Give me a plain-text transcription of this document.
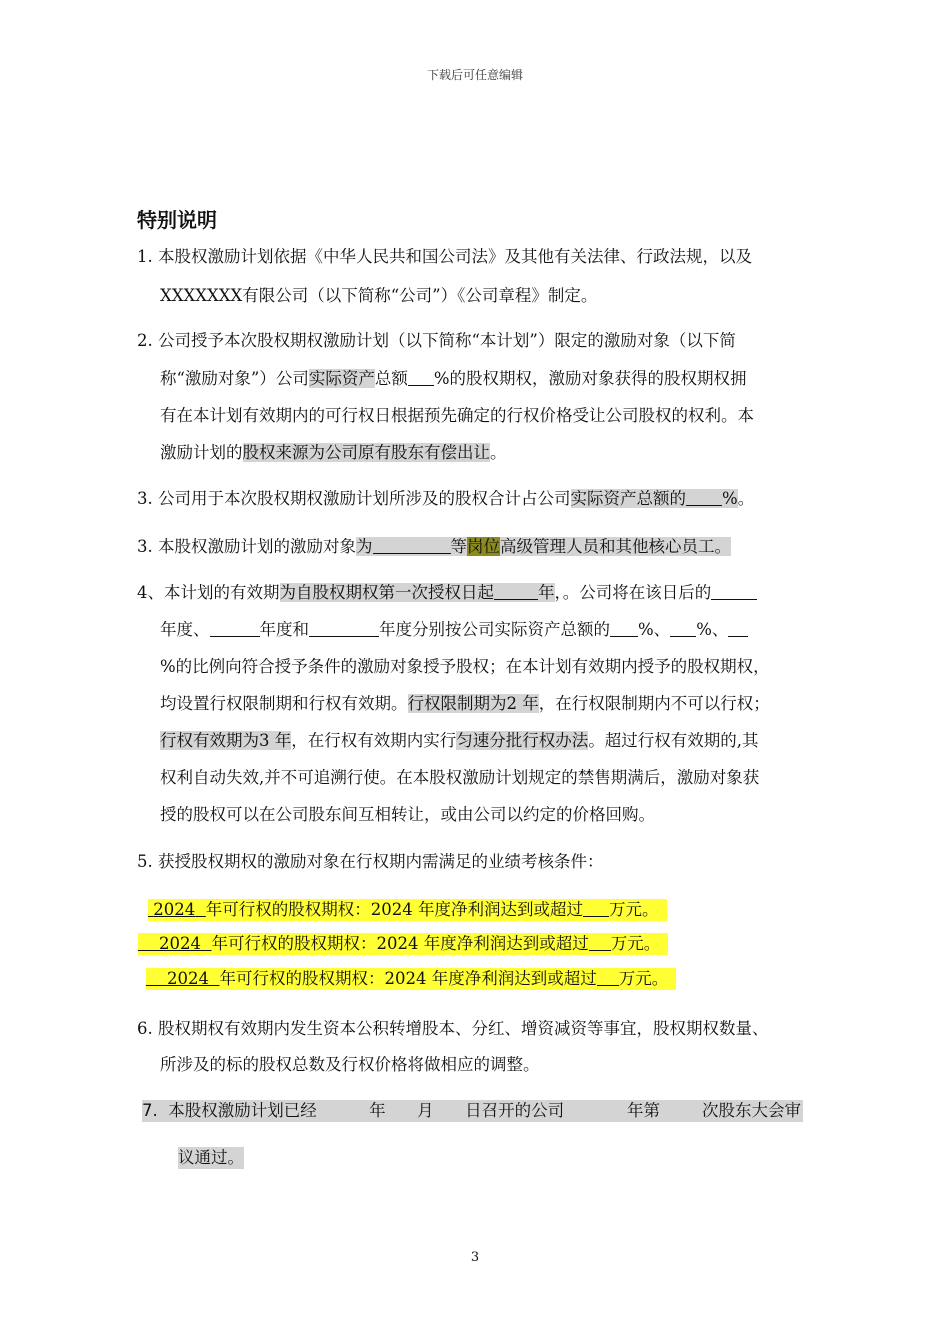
下载后可任意编辑
特别说明
1. 本股权激励计划依据《中华人民共和国公司法》及其他有关法律、行政法规，以及
XXXXXXX有限公司（以下简称“公司”）《公司章程》制定。
2. 公司授予本次股权期权激励计划（以下简称“本计划”）限定的激励对象（以下简
称“激励对象”）公司实际资产总额 %的股权期权，激励对象获得的股权期权拥
有在本计划有效期内的可行权日根据预先确定的行权价格受让公司股权的权利。本
激励计划的股权来源为公司原有股东有偿出让。
3. 公司用于本次股权期权激励计划所涉及的股权合计占公司实际资产总额的 %。
3. 本股权激励计划的激励对象为	等岗位高级管理人员和其他核心员工。
4、本计划的有效期为自股权期权第一次授权日起	年，。公司将在该日后的
年度、	年度和	年度分别按公司实际资产总额的 %、 %、
%的比例向符合授予条件的激励对象授予股权；在本计划有效期内授予的股权期权，
均设置行权限制期和行权有效期。行权限制期为2 年，在行权限制期内不可以行权；
行权有效期为3 年，在行权有效期内实行匀速分批行权办法。超过行权有效期的,其
权利自动失效,并不可追溯行使。在本股权激励计划规定的禁售期满后，激励对象获
授的股权可以在公司股东间互相转让，或由公司以约定的价格回购。
5. 获授股权期权的激励对象在行权期内需满足的业绩考核条件：
2024 年可行权的股权期权：2024 年度净利润达到或超过 万元。
2024 年可行权的股权期权：2024 年度净利润达到或超过 万元。
2024 年可行权的股权期权：2024 年度净利润达到或超过 万元。
6. 股权期权有效期内发生资本公积转增股本、分红、增资减资等事宜，股权期权数量、
所涉及的标的股权总数及行权价格将做相应的调整。
7.  本股权激励计划已经          年      月      日召开的公司            年第        次股东大会审
议通过。
3
